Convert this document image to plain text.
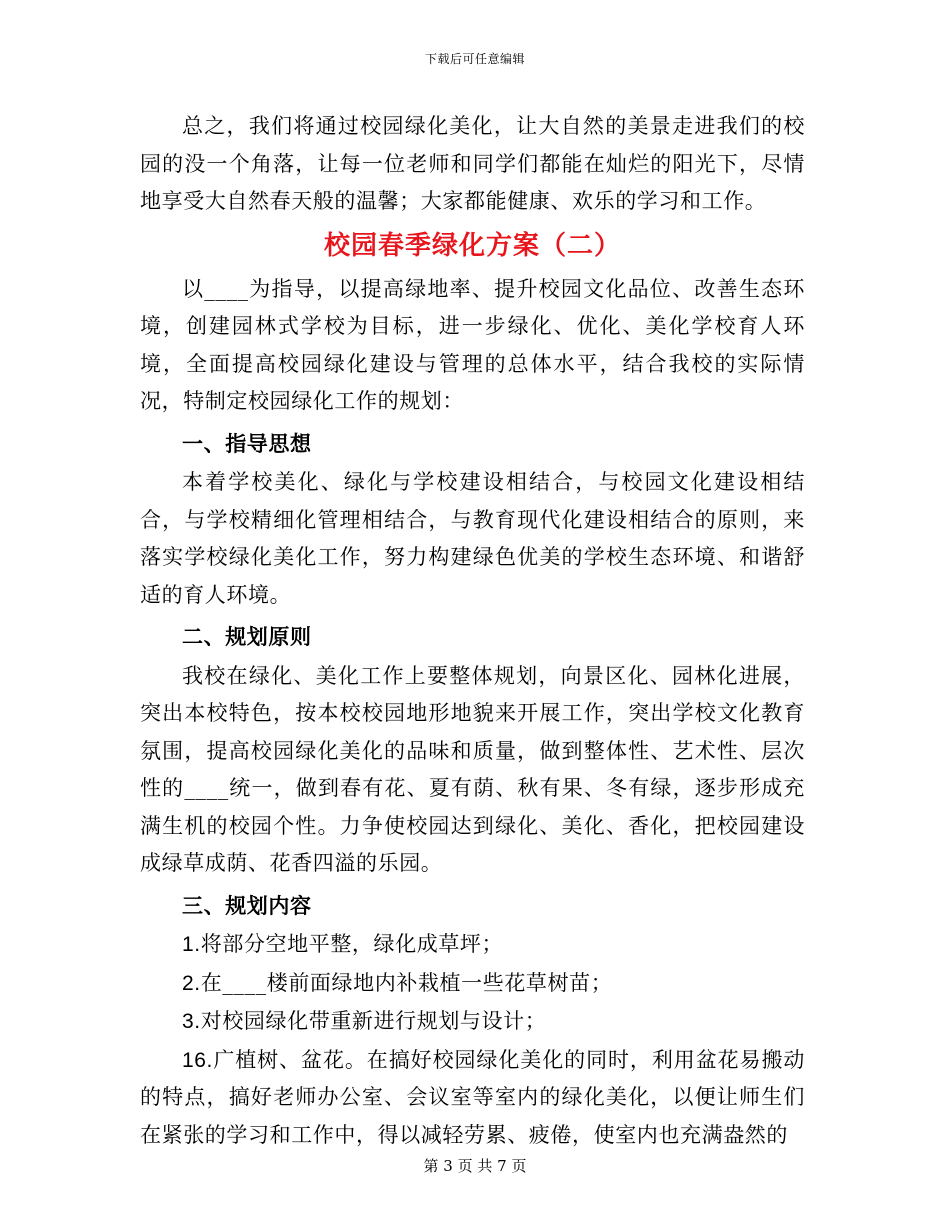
下载后可任意编辑

总之，我们将通过校园绿化美化，让大自然的美景走进我们的校园的没一个角落，让每一位老师和同学们都能在灿烂的阳光下，尽情地享受大自然春天般的温馨；大家都能健康、欢乐的学习和工作。

校园春季绿化方案（二）

以____为指导，以提高绿地率、提升校园文化品位、改善生态环境，创建园林式学校为目标，进一步绿化、优化、美化学校育人环境，全面提高校园绿化建设与管理的总体水平，结合我校的实际情况，特制定校园绿化工作的规划：

一、指导思想

本着学校美化、绿化与学校建设相结合，与校园文化建设相结合，与学校精细化管理相结合，与教育现代化建设相结合的原则，来落实学校绿化美化工作，努力构建绿色优美的学校生态环境、和谐舒适的育人环境。

二、规划原则

我校在绿化、美化工作上要整体规划，向景区化、园林化进展，突出本校特色，按本校校园地形地貌来开展工作，突出学校文化教育氛围，提高校园绿化美化的品味和质量，做到整体性、艺术性、层次性的____统一，做到春有花、夏有荫、秋有果、冬有绿，逐步形成充满生机的校园个性。力争使校园达到绿化、美化、香化，把校园建设成绿草成荫、花香四溢的乐园。

三、规划内容

1.将部分空地平整，绿化成草坪；

2.在____楼前面绿地内补栽植一些花草树苗；

3.对校园绿化带重新进行规划与设计；

16.广植树、盆花。在搞好校园绿化美化的同时，利用盆花易搬动的特点，搞好老师办公室、会议室等室内的绿化美化，以便让师生们在紧张的学习和工作中，得以减轻劳累、疲倦，使室内也充满盎然的

第 3 页 共 7 页
